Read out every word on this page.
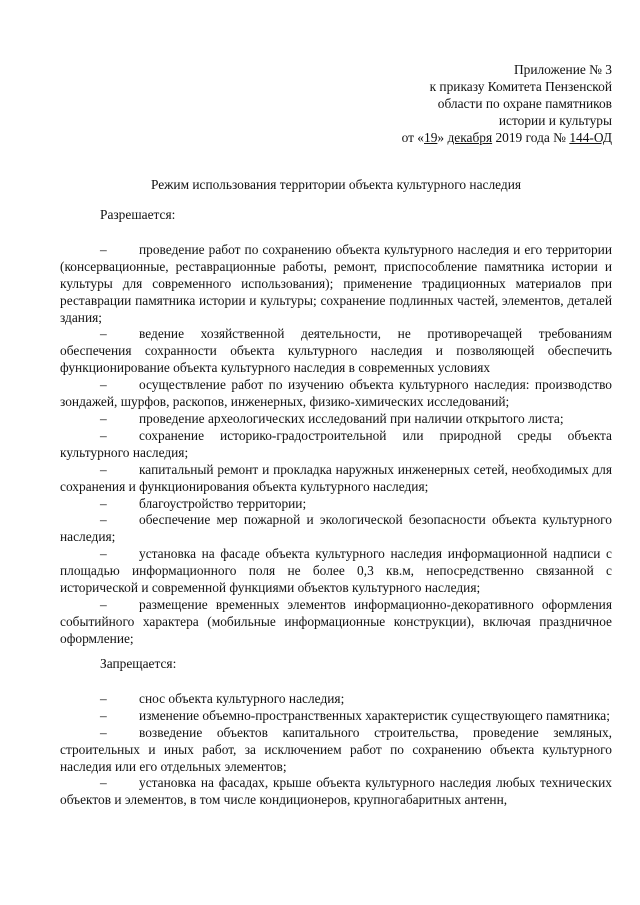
Приложение № 3
к приказу Комитета Пензенской
области по охране памятников
истории и культуры
от «19» декабря 2019 года № 144-ОД
Режим использования территории объекта культурного наследия
Разрешается:

– проведение работ по сохранению объекта культурного наследия и его территории (консервационные, реставрационные работы, ремонт, приспособление памятника истории и культуры для современного использования); применение традиционных материалов при реставрации памятника истории и культуры; сохранение подлинных частей, элементов, деталей здания;

– ведение хозяйственной деятельности, не противоречащей требованиям обеспечения сохранности объекта культурного наследия и позволяющей обеспечить функционирование объекта культурного наследия в современных условиях

– осуществление работ по изучению объекта культурного наследия: производство зондажей, шурфов, раскопов, инженерных, физико-химических исследований;

– проведение археологических исследований при наличии открытого листа;

– сохранение историко-градостроительной или природной среды объекта культурного наследия;

– капитальный ремонт и прокладка наружных инженерных сетей, необходимых для сохранения и функционирования объекта культурного наследия;

– благоустройство территории;

– обеспечение мер пожарной и экологической безопасности объекта культурного наследия;

– установка на фасаде объекта культурного наследия информационной надписи с площадью информационного поля не более 0,3 кв.м, непосредственно связанной с исторической и современной функциями объектов культурного наследия;

– размещение временных элементов информационно-декоративного оформления событийного характера (мобильные информационные конструкции), включая праздничное оформление;

Запрещается:

– снос объекта культурного наследия;

– изменение объемно-пространственных характеристик существующего памятника;

– возведение объектов капитального строительства, проведение земляных, строительных и иных работ, за исключением работ по сохранению объекта культурного наследия или его отдельных элементов;

– установка на фасадах, крыше объекта культурного наследия любых технических объектов и элементов, в том числе кондиционеров, крупногабаритных антенн,
